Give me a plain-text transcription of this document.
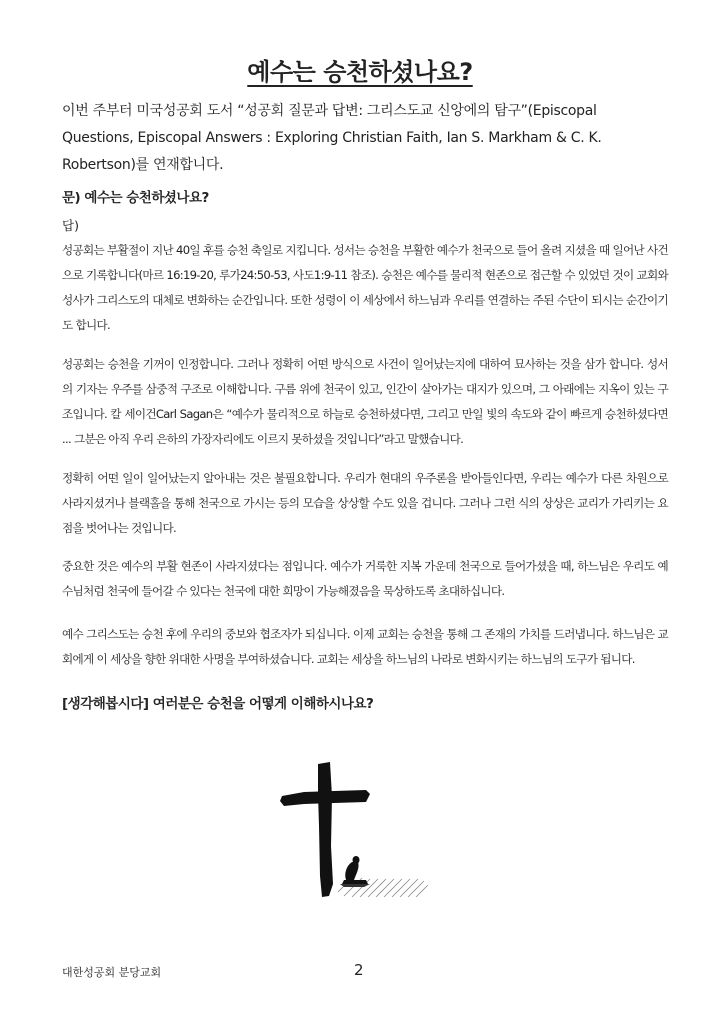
예수는 승천하셨나요?
이번 주부터 미국성공회 도서 “성공회 질문과 답변: 그리스도교 신앙에의 탐구”(Episcopal Questions, Episcopal Answers : Exploring Christian Faith, Ian S. Markham & C. K. Robertson)를 연재합니다.
문) 예수는 승천하셨나요?
답)
성공회는 부활절이 지난 40일 후를 승천 축일로 지킵니다. 성서는 승천을 부활한 예수가 천국으로 들어 올려 지셨을 때 일어난 사건으로 기록합니다(마르 16:19-20, 루가24:50-53, 사도1:9-11 참조). 승천은 예수를 물리적 현존으로 접근할 수 있었던 것이 교회와 성사가 그리스도의 대체로 변화하는 순간입니다. 또한 성령이 이 세상에서 하느님과 우리를 연결하는 주된 수단이 되시는 순간이기도 합니다.
성공회는 승천을 기꺼이 인정합니다. 그러나 정확히 어떤 방식으로 사건이 일어났는지에 대하여 묘사하는 것을 삼가 합니다. 성서의 기자는 우주를 삼중적 구조로 이해합니다. 구름 위에 천국이 있고, 인간이 살아가는 대지가 있으며, 그 아래에는 지옥이 있는 구조입니다. 칼 세이건Carl Sagan은 “예수가 물리적으로 하늘로 승천하셨다면, 그리고 만일 빛의 속도와 같이 빠르게 승천하셨다면 ... 그분은 아직 우리 은하의 가장자리에도 이르지 못하셨을 것입니다”라고 말했습니다.
정확히 어떤 일이 일어났는지 알아내는 것은 불필요합니다. 우리가 현대의 우주론을 받아들인다면, 우리는 예수가 다른 차원으로 사라지셨거나 블랙홀을 통해 천국으로 가시는 등의 모습을 상상할 수도 있을 겁니다. 그러나 그런 식의 상상은 교리가 가리키는 요점을 벗어나는 것입니다.
중요한 것은 예수의 부활 현존이 사라지셨다는 점입니다. 예수가 거룩한 지복 가운데 천국으로 들어가셨을 때, 하느님은 우리도 예수님처럼 천국에 들어갈 수 있다는 천국에 대한 희망이 가능해졌음을 묵상하도록 초대하십니다.
예수 그리스도는 승천 후에 우리의 중보와 협조자가 되십니다. 이제 교회는 승천을 통해 그 존재의 가치를 드러냅니다. 하느님은 교회에게 이 세상을 향한 위대한 사명을 부여하셨습니다. 교회는 세상을 하느님의 나라로 변화시키는 하느님의 도구가 됩니다.
[생각해봅시다] 여러분은 승천을 어떻게 이해하시나요?
대한성공회 분당교회	2
